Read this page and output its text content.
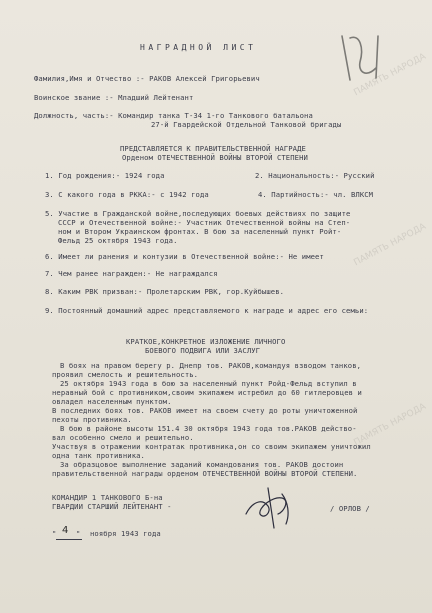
ПАМЯТЬ НАРОДА
ПАМЯТЬ НАРОДА
ПАМЯТЬ НАРОДА
НАГРАДНОЙ ЛИСТ
Фамилия,Имя и Отчество :- РАКОВ Алексей Григорьевич
Воинское звание :- Младший Лейтенант
Должность, часть:- Командир танка Т-34 1-го Танкового батальона
27-й Гвардейской Отдельной Танковой бригады
ПРЕДСТАВЛЯЕТСЯ К ПРАВИТЕЛЬСТВЕННОЙ НАГРАДЕ
Орденом ОТЕЧЕСТВЕННОЙ ВОЙНЫ ВТОРОЙ СТЕПЕНИ
1. Год рождения:- 1924 года	2. Национальность:- Русский
3. С какого года в РККА:- с 1942 года	4. Партийность:- чл. ВЛКСМ
5. Участие в Гражданской войне,последующих боевых действиях по защите
СССР и Отечественной войне:- Участник Отечественной войны на Степ-
ном и Втором Украинском фронтах. В бою за населенный пункт Ройт-
Фельд 25 октября 1943 года.
6. Имеет ли ранения и контузии в Отечественной войне:- Не имеет
7. Чем ранее награжден:- Не награждался
8. Каким РВК призван:- Пролетарским РВК, гор.Куйбышев.
9. Постоянный домашний адрес представляемого к награде и адрес его семьи:
КРАТКОЕ,КОНКРЕТНОЕ ИЗЛОЖЕНИЕ ЛИЧНОГО
БОЕВОГО ПОДВИГА ИЛИ ЗАСЛУГ
В боях на правом берегу р. Днепр тов. РАКОВ,командуя взводом танков,
проявил смелость и решительность.
25 октября 1943 года в бою за населенный пункт Ройд-Фельд вступил в
неравный бой с противником,своим экипажем истребил до 60 гитлеровцев и
овладел населенным пунктом.
В последних боях тов. РАКОВ имеет на своем счету до роты уничтоженной
пехоты противника.
В бою в районе высоты 151.4 30 октября 1943 года тов.РАКОВ действо-
вал особенно смело и решительно.
Участвуя в отражении контратак противника,он со своим экипажем уничтожил
одна танк противника.
За образцовое выполнение заданий командования тов. РАКОВ достоин
правительственной награды орденом ОТЕЧЕСТВЕННОЙ ВОЙНЫ ВТОРОЙ СТЕПЕНИ.
КОМАНДИР 1 ТАНКОВОГО Б-на
ГВАРДИИ СТАРШИЙ ЛЕЙТЕНАНТ -	/ ОРЛОВ /
" 4 " ноября 1943 года
